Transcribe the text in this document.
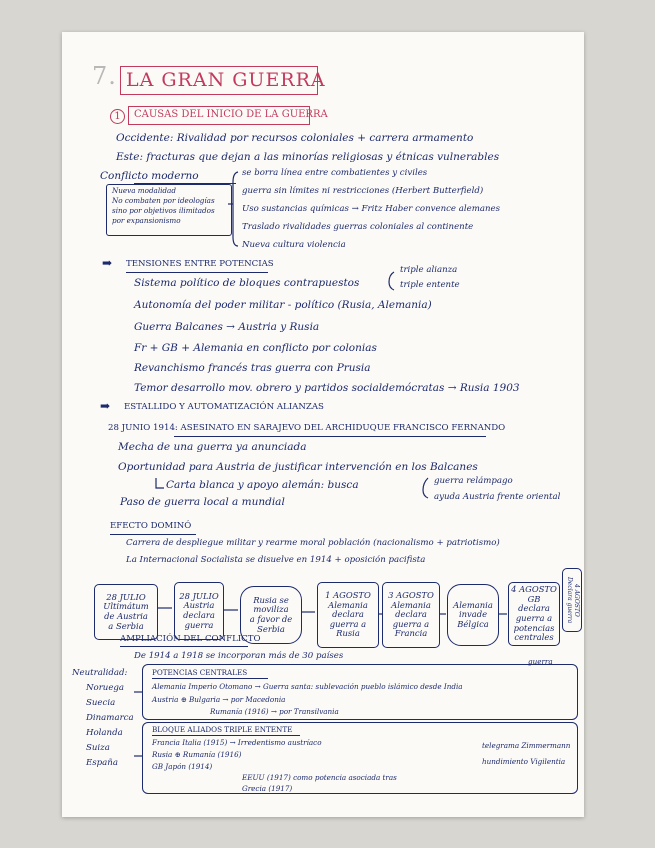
7. LA GRAN GUERRA
1	CAUSAS DEL INICIO DE LA GUERRA
Occidente: Rivalidad por recursos coloniales + carrera armamento
Este: fracturas que dejan a las minorías religiosas y étnicas vulnerables
Conflicto moderno
Nueva modalidad
No combaten por ideologías
sino por objetivos ilimitados
por expansionismo
se borra línea entre combatientes y civiles
guerra sin límites ni restricciones (Herbert Butterfield)
Uso sustancias químicas → Fritz Haber convence alemanes
Traslado rivalidades guerras coloniales al continente
Nueva cultura violencia
➡ TENSIONES ENTRE POTENCIAS
Sistema político de bloques contrapuestos
triple alianza
triple entente
Autonomía del poder militar - político (Rusia, Alemania)
Guerra Balcanes → Austria y Rusia
Fr + GB + Alemania en conflicto por colonias
Revanchismo francés tras guerra con Prusia
Temor desarrollo mov. obrero y partidos socialdemócratas → Rusia 1903
➡ ESTALLIDO Y AUTOMATIZACIÓN ALIANZAS
28 JUNIO 1914: ASESINATO EN SARAJEVO DEL ARCHIDUQUE FRANCISCO FERNANDO
Mecha de una guerra ya anunciada
Oportunidad para Austria de justificar intervención en los Balcanes
Carta blanca y apoyo alemán: busca	guerra relámpago
ayuda Austria frente oriental
Paso de guerra local a mundial
EFECTO DOMINÓ
Carrera de despliegue militar y rearme moral población (nacionalismo + patriotismo)
La Internacional Socialista se disuelve en 1914 + oposición pacifista
28 JULIO
Ultimátum
de Austria
a Serbia
28 JULIO
Austria
declara
guerra
Rusia se
moviliza
a favor de
Serbia
1 AGOSTO
Alemania
declara
guerra a
Rusia
3 AGOSTO
Alemania
declara
guerra a
Francia
Alemania
invade
Bélgica
4 AGOSTO
GB declara
guerra a
potencias
centrales
4 AGOSTO Declara guerra
AMPLIACIÓN DEL CONFLICTO
De 1914 a 1918 se incorporan más de 30 países
Neutralidad:
Noruega
Suecia
Dinamarca
Holanda
Suiza
España
POTENCIAS CENTRALES
guerra
Alemania Imperio Otomano → Guerra santa: sublevación pueblo islámico desde India
Austria ⊕ Bulgaria → por Macedonia
Rumanía (1916) → por Transilvania
BLOQUE ALIADOS TRIPLE ENTENTE
Francia Italia (1915) → Irredentismo austríaco
Rusia ⊕ Rumanía (1916)
GB Japón (1914)
EEUU (1917) como potencia asociada tras
Grecia (1917)
telegrama Zimmermann
hundimiento Vigilentia
